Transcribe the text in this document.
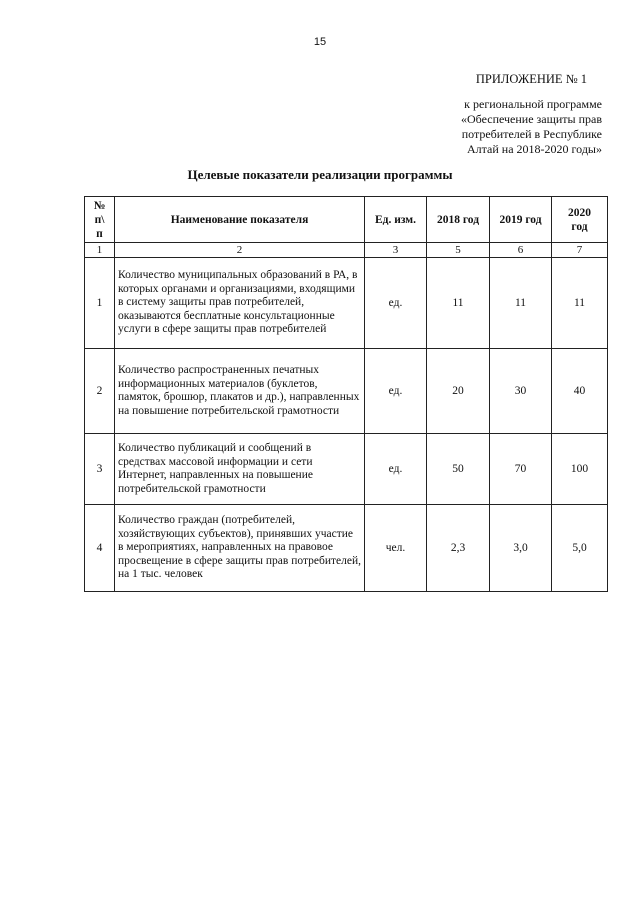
15
ПРИЛОЖЕНИЕ № 1
к региональной программе
«Обеспечение защиты прав
потребителей в Республике
Алтай на 2018-2020 годы»
Целевые показатели реализации программы
№
п\
п	Наименование показателя	Ед. изм.	2018 год	2019 год	2020
год
1	2	3	5	6	7
1	Количество муниципальных образований в РА, в которых органами и организациями, входящими в систему защиты прав потребителей, оказываются бесплатные консультационные услуги в сфере защиты прав потребителей	ед.	11	11	11
2	Количество распространенных печатных информационных материалов (буклетов, памяток, брошюр, плакатов и др.), направленных на повышение потребительской грамотности	ед.	20	30	40
3	Количество публикаций и сообщений в средствах массовой информации и сети Интернет, направленных на повышение потребительской грамотности	ед.	50	70	100
4	Количество граждан (потребителей, хозяйствующих субъектов), принявших участие в мероприятиях, направленных на правовое просвещение в сфере защиты прав потребителей, на 1 тыс. человек	чел.	2,3	3,0	5,0
